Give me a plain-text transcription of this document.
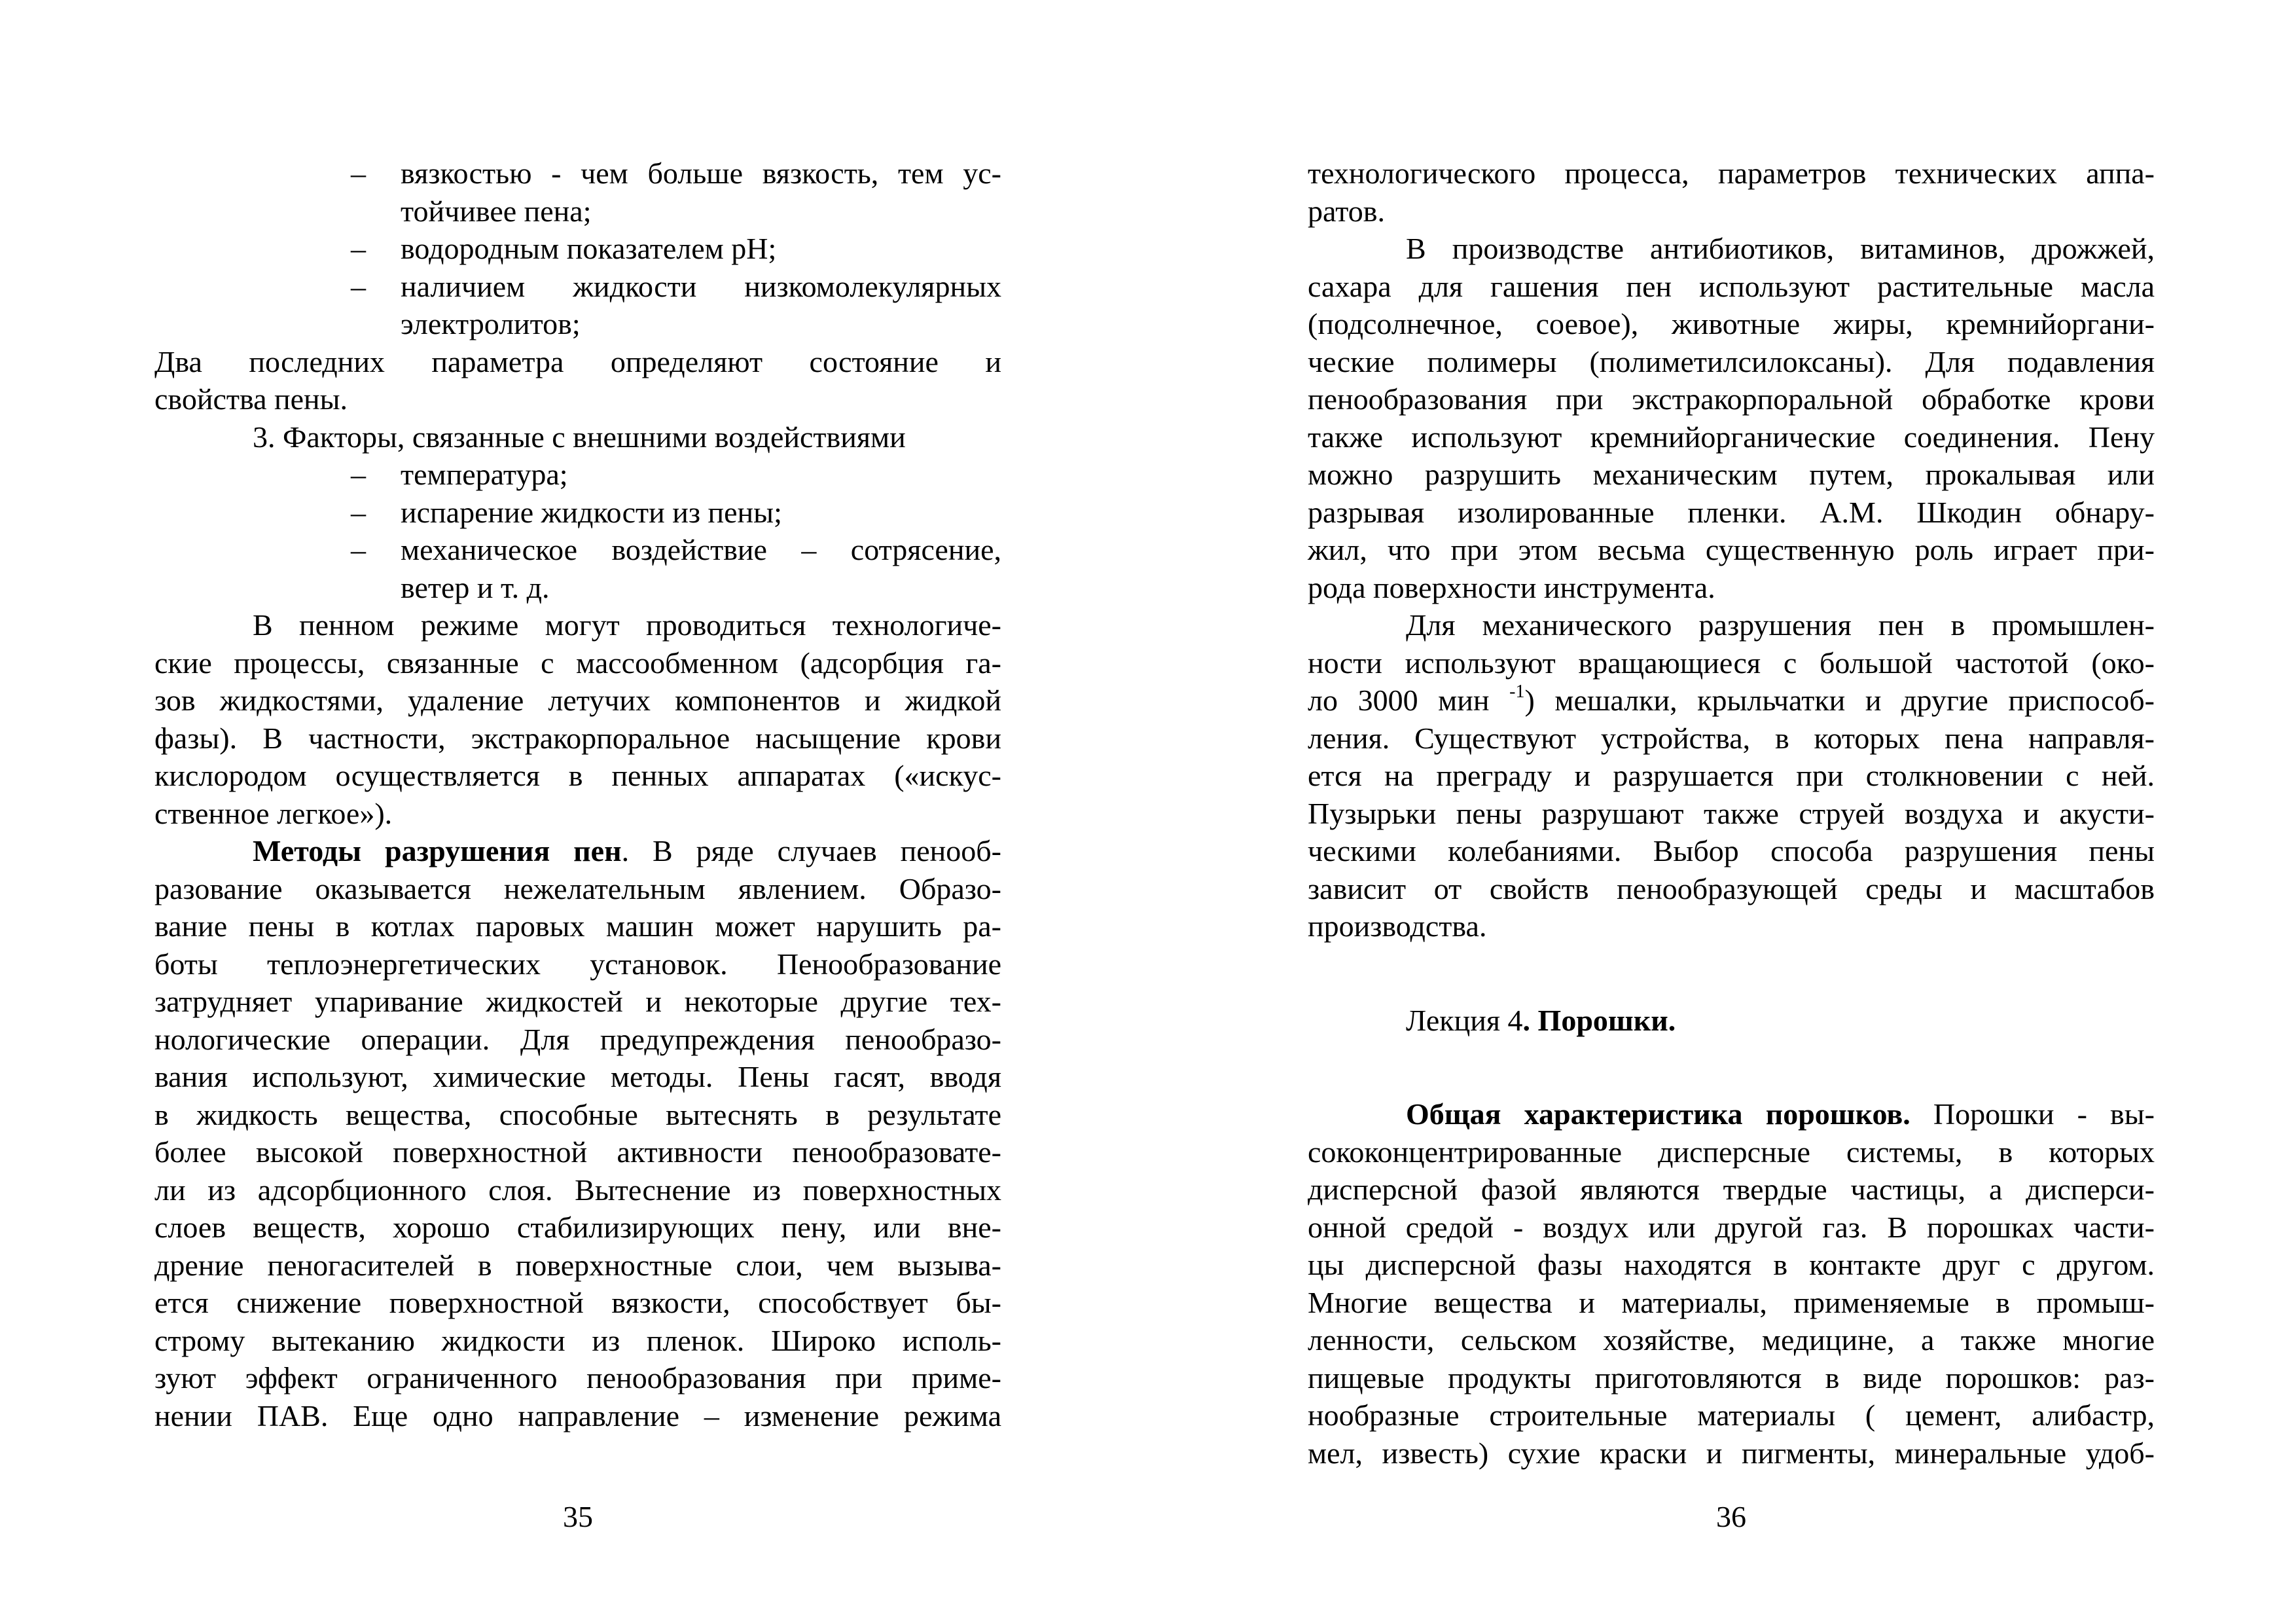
– вязкостью - чем больше вязкость, тем ус-
тойчивее пена;
– водородным показателем pH;
– наличием жидкости низкомолекулярных
электролитов;
Два последних параметра определяют состояние и
свойства пены.
3. Факторы, связанные с внешними воздействиями
– температура;
– испарение жидкости из пены;
– механическое воздействие – сотрясение,
ветер и т. д.
В пенном режиме могут проводиться технологиче-
ские процессы, связанные с массообменном (адсорбция га-
зов жидкостями, удаление летучих компонентов и жидкой
фазы). В частности, экстракорпоральное насыщение крови
кислородом осуществляется в пенных аппаратах («искус-
ственное легкое»).
Методы разрушения пен. В ряде случаев пенооб-
разование оказывается нежелательным явлением. Образо-
вание пены в котлах паровых машин может нарушить ра-
боты теплоэнергетических установок. Пенообразование
затрудняет упаривание жидкостей и некоторые другие тех-
нологические операции. Для предупреждения пенообразо-
вания используют, химические методы. Пены гасят, вводя
в жидкость вещества, способные вытеснять в результате
более высокой поверхностной активности пенообразовате-
ли из адсорбционного слоя. Вытеснение из поверхностных
слоев веществ, хорошо стабилизирующих пену, или вне-
дрение пеногасителей в поверхностные слои, чем вызыва-
ется снижение поверхностной вязкости, способствует бы-
строму вытеканию жидкости из пленок. Широко исполь-
зуют эффект ограниченного пенообразования при приме-
нении ПАВ. Еще одно направление – изменение режима
35
технологического процесса, параметров технических аппа-
ратов.
В производстве антибиотиков, витаминов, дрожжей,
сахара для гашения пен используют растительные масла
(подсолнечное, соевое), животные жиры, кремнийоргани-
ческие полимеры (полиметилсилоксаны). Для подавления
пенообразования при экстракорпоральной обработке крови
также используют кремнийорганические соединения. Пену
можно разрушить механическим путем, прокалывая или
разрывая изолированные пленки. А.М. Шкодин обнару-
жил, что при этом весьма существенную роль играет при-
рода поверхности инструмента.
Для механического разрушения пен в промышлен-
ности используют вращающиеся с большой частотой (око-
ло 3000 мин $^{-1}$) мешалки, крыльчатки и другие приспособ-
ления. Существуют устройства, в которых пена направля-
ется на преграду и разрушается при столкновении с ней.
Пузырьки пены разрушают также струей воздуха и акусти-
ческими колебаниями. Выбор способа разрушения пены
зависит от свойств пенообразующей среды и масштабов
производства.
Лекция 4. Порошки.
Общая характеристика порошков. Порошки - вы-
сококонцентрированные дисперсные системы, в которых
дисперсной фазой являются твердые частицы, а дисперси-
онной средой - воздух или другой газ. В порошках части-
цы дисперсной фазы находятся в контакте друг с другом.
Многие вещества и материалы, применяемые в промыш-
ленности, сельском хозяйстве, медицине, а также многие
пищевые продукты приготовляются в виде порошков: раз-
нообразные строительные материалы ( цемент, алибастр,
мел, известь) сухие краски и пигменты, минеральные удоб-
36
